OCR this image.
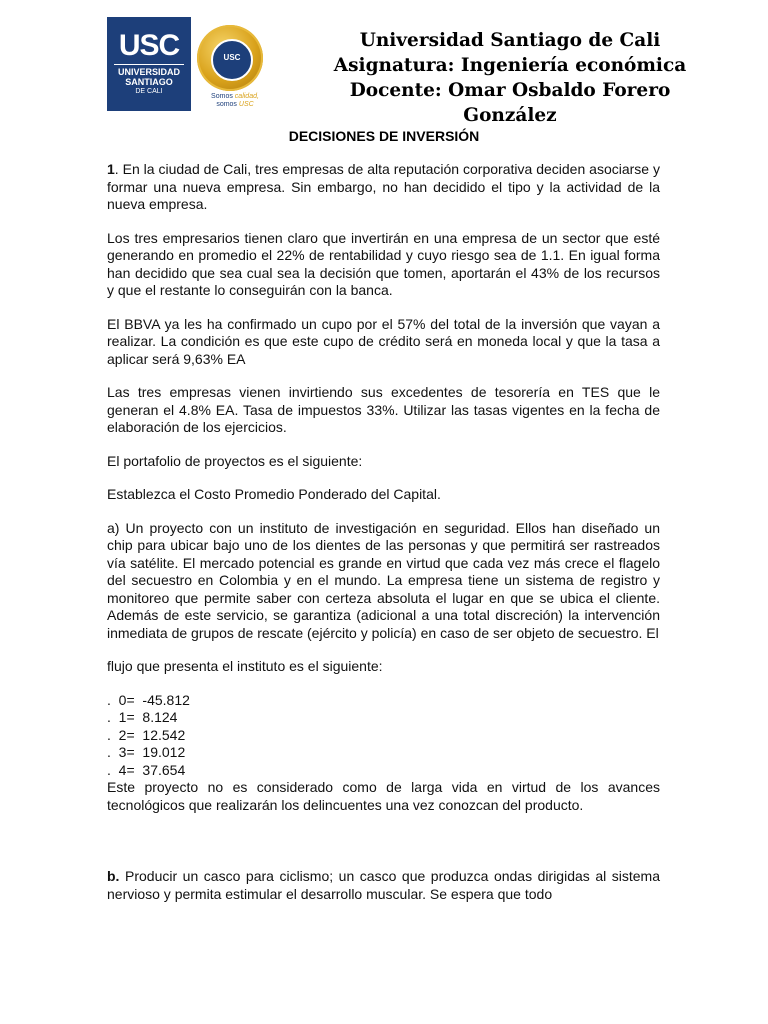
USC
UNIVERSIDAD
SANTIAGO
DE CALI
USC
Somos calidad,
somos USC
Universidad Santiago de Cali
Asignatura: Ingeniería económica
Docente: Omar Osbaldo Forero González
DECISIONES DE INVERSIÓN

1. En la ciudad de Cali, tres empresas de alta reputación corporativa deciden asociarse y formar una nueva empresa. Sin embargo, no han decidido el tipo y la actividad de la nueva empresa.

Los tres empresarios tienen claro que invertirán en una empresa de un sector que esté generando en promedio el 22% de rentabilidad y cuyo riesgo sea de 1.1. En igual forma han decidido que sea cual sea la decisión que tomen, aportarán el 43% de los recursos y que el restante lo conseguirán con la banca.

El BBVA ya les ha confirmado un cupo por el 57% del total de la inversión que vayan a realizar. La condición es que este cupo de crédito será en moneda local y que la tasa a aplicar será 9,63% EA

Las tres empresas vienen invirtiendo sus excedentes de tesorería en TES que le generan el 4.8% EA. Tasa de impuestos 33%. Utilizar las tasas vigentes en la fecha de elaboración de los ejercicios.

El portafolio de proyectos es el siguiente:

Establezca el Costo Promedio Ponderado del Capital.

a) Un proyecto con un instituto de investigación en seguridad. Ellos han diseñado un chip para ubicar bajo uno de los dientes de las personas y que permitirá ser rastreados vía satélite. El mercado potencial es grande en virtud que cada vez más crece el flagelo del secuestro en Colombia y en el mundo. La empresa tiene un sistema de registro y monitoreo que permite saber con certeza absoluta el lugar en que se ubica el cliente. Además de este servicio, se garantiza (adicional a una total discreción) la intervención inmediata de grupos de rescate (ejército y policía) en caso de ser objeto de secuestro. El

flujo que presenta el instituto es el siguiente:

.  0=  -45.812
.  1=  8.124
.  2=  12.542
.  3=  19.012
.  4=  37.654

Este proyecto no es considerado como de larga vida en virtud de los avances tecnológicos que realizarán los delincuentes una vez conozcan del producto.

b. Producir un casco para ciclismo; un casco que produzca ondas dirigidas al sistema nervioso y permita estimular el desarrollo muscular. Se espera que todo
